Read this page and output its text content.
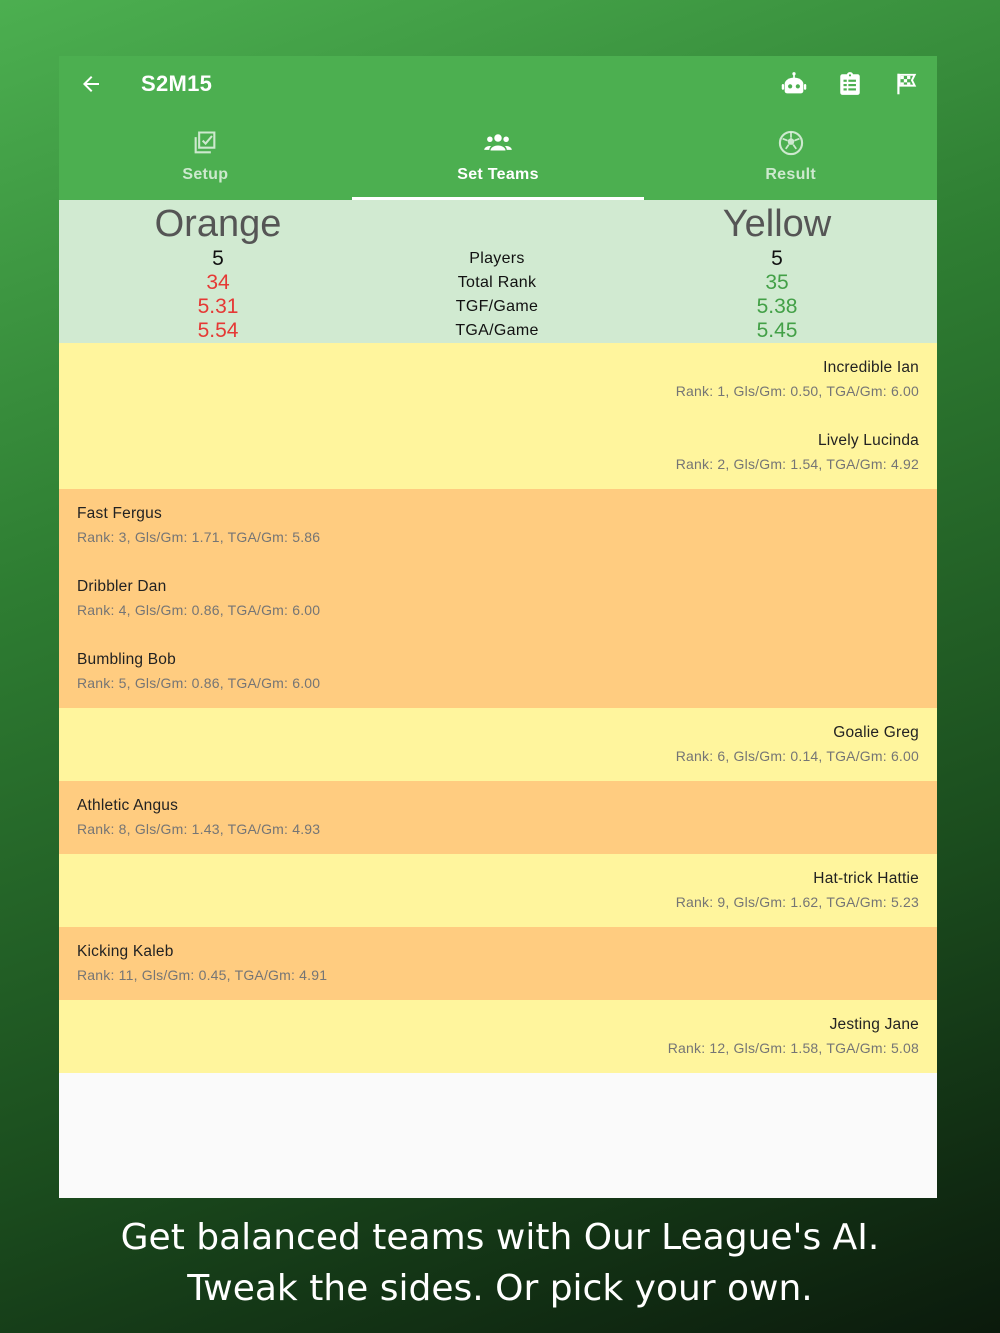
S2M15
Setup	Set Teams	Result
Orange
5
34
5.31
5.54
Players
Total Rank
TGF/Game
TGA/Game
Yellow
5
35
5.38
5.45
Incredible Ian
Rank: 1, Gls/Gm: 0.50, TGA/Gm: 6.00
Lively Lucinda
Rank: 2, Gls/Gm: 1.54, TGA/Gm: 4.92
Fast Fergus
Rank: 3, Gls/Gm: 1.71, TGA/Gm: 5.86
Dribbler Dan
Rank: 4, Gls/Gm: 0.86, TGA/Gm: 6.00
Bumbling Bob
Rank: 5, Gls/Gm: 0.86, TGA/Gm: 6.00
Goalie Greg
Rank: 6, Gls/Gm: 0.14, TGA/Gm: 6.00
Athletic Angus
Rank: 8, Gls/Gm: 1.43, TGA/Gm: 4.93
Hat-trick Hattie
Rank: 9, Gls/Gm: 1.62, TGA/Gm: 5.23
Kicking Kaleb
Rank: 11, Gls/Gm: 0.45, TGA/Gm: 4.91
Jesting Jane
Rank: 12, Gls/Gm: 1.58, TGA/Gm: 5.08
Get balanced teams with Our League's AI.
Tweak the sides. Or pick your own.
